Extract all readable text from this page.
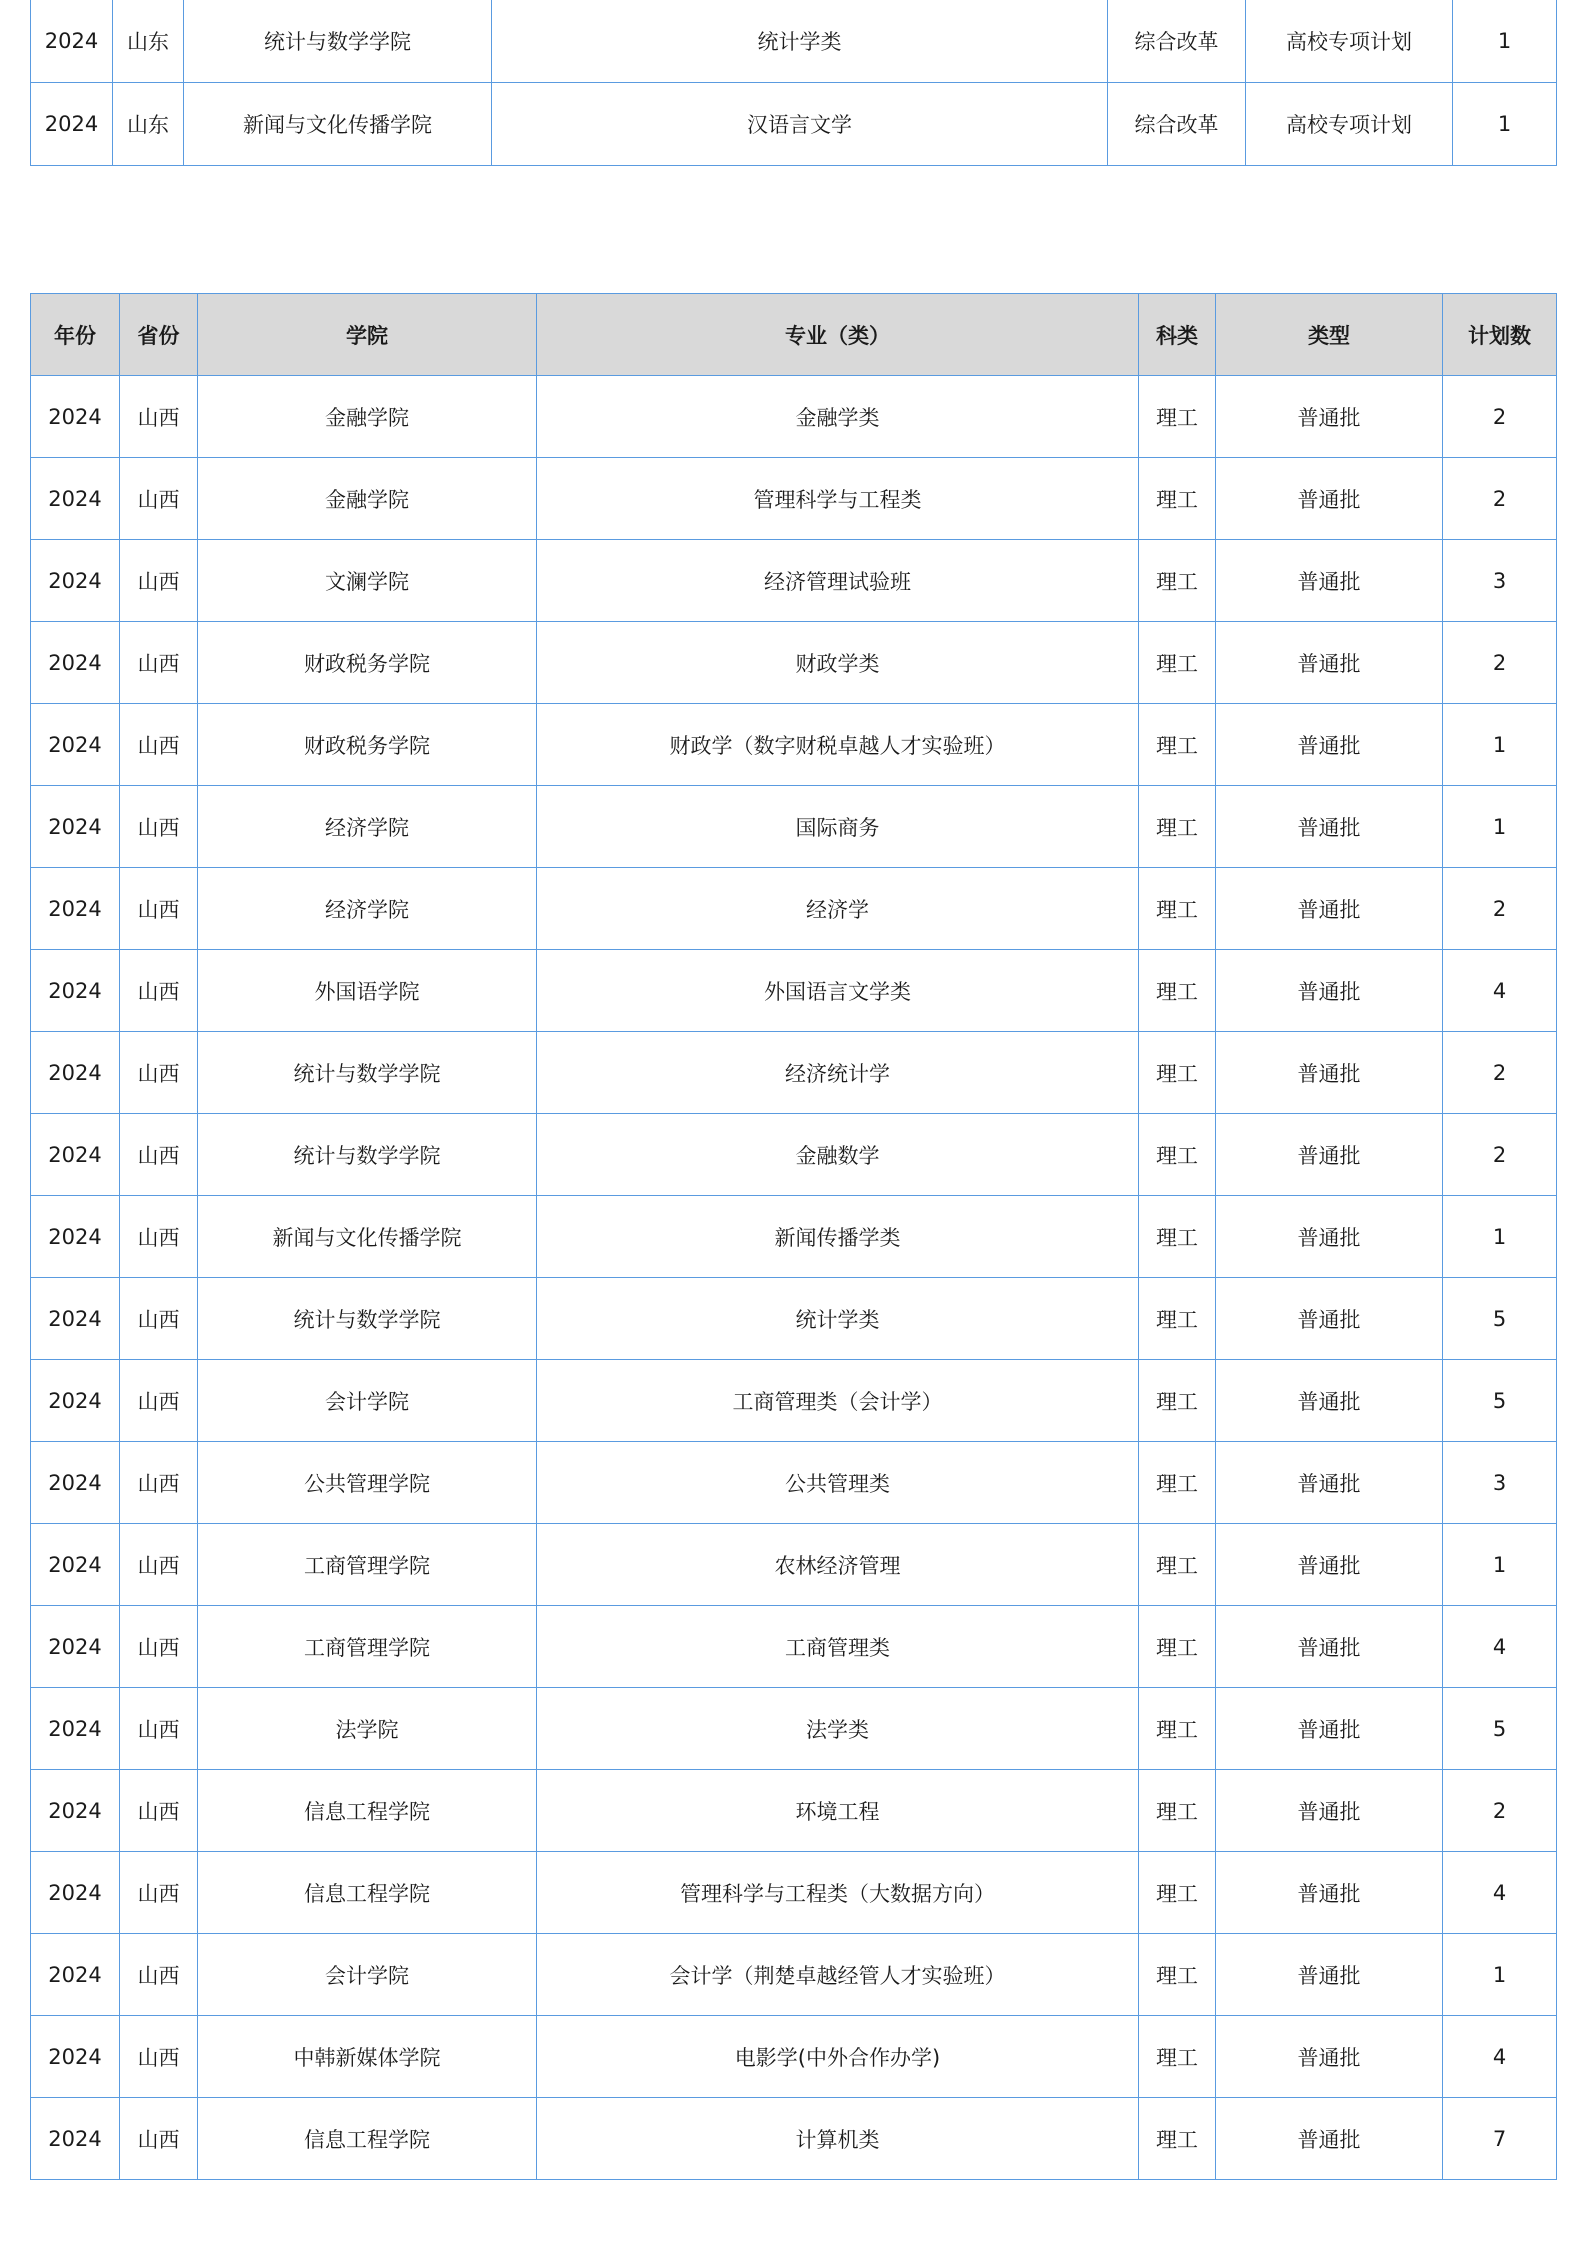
2024	山东	统计与数学学院	统计学类	综合改革	高校专项计划	1
2024	山东	新闻与文化传播学院	汉语言文学	综合改革	高校专项计划	1
年份	省份	学院	专业（类）	科类	类型	计划数
2024	山西	金融学院	金融学类	理工	普通批	2
2024	山西	金融学院	管理科学与工程类	理工	普通批	2
2024	山西	文澜学院	经济管理试验班	理工	普通批	3
2024	山西	财政税务学院	财政学类	理工	普通批	2
2024	山西	财政税务学院	财政学（数字财税卓越人才实验班）	理工	普通批	1
2024	山西	经济学院	国际商务	理工	普通批	1
2024	山西	经济学院	经济学	理工	普通批	2
2024	山西	外国语学院	外国语言文学类	理工	普通批	4
2024	山西	统计与数学学院	经济统计学	理工	普通批	2
2024	山西	统计与数学学院	金融数学	理工	普通批	2
2024	山西	新闻与文化传播学院	新闻传播学类	理工	普通批	1
2024	山西	统计与数学学院	统计学类	理工	普通批	5
2024	山西	会计学院	工商管理类（会计学）	理工	普通批	5
2024	山西	公共管理学院	公共管理类	理工	普通批	3
2024	山西	工商管理学院	农林经济管理	理工	普通批	1
2024	山西	工商管理学院	工商管理类	理工	普通批	4
2024	山西	法学院	法学类	理工	普通批	5
2024	山西	信息工程学院	环境工程	理工	普通批	2
2024	山西	信息工程学院	管理科学与工程类（大数据方向）	理工	普通批	4
2024	山西	会计学院	会计学（荆楚卓越经管人才实验班）	理工	普通批	1
2024	山西	中韩新媒体学院	电影学(中外合作办学)	理工	普通批	4
2024	山西	信息工程学院	计算机类	理工	普通批	7
